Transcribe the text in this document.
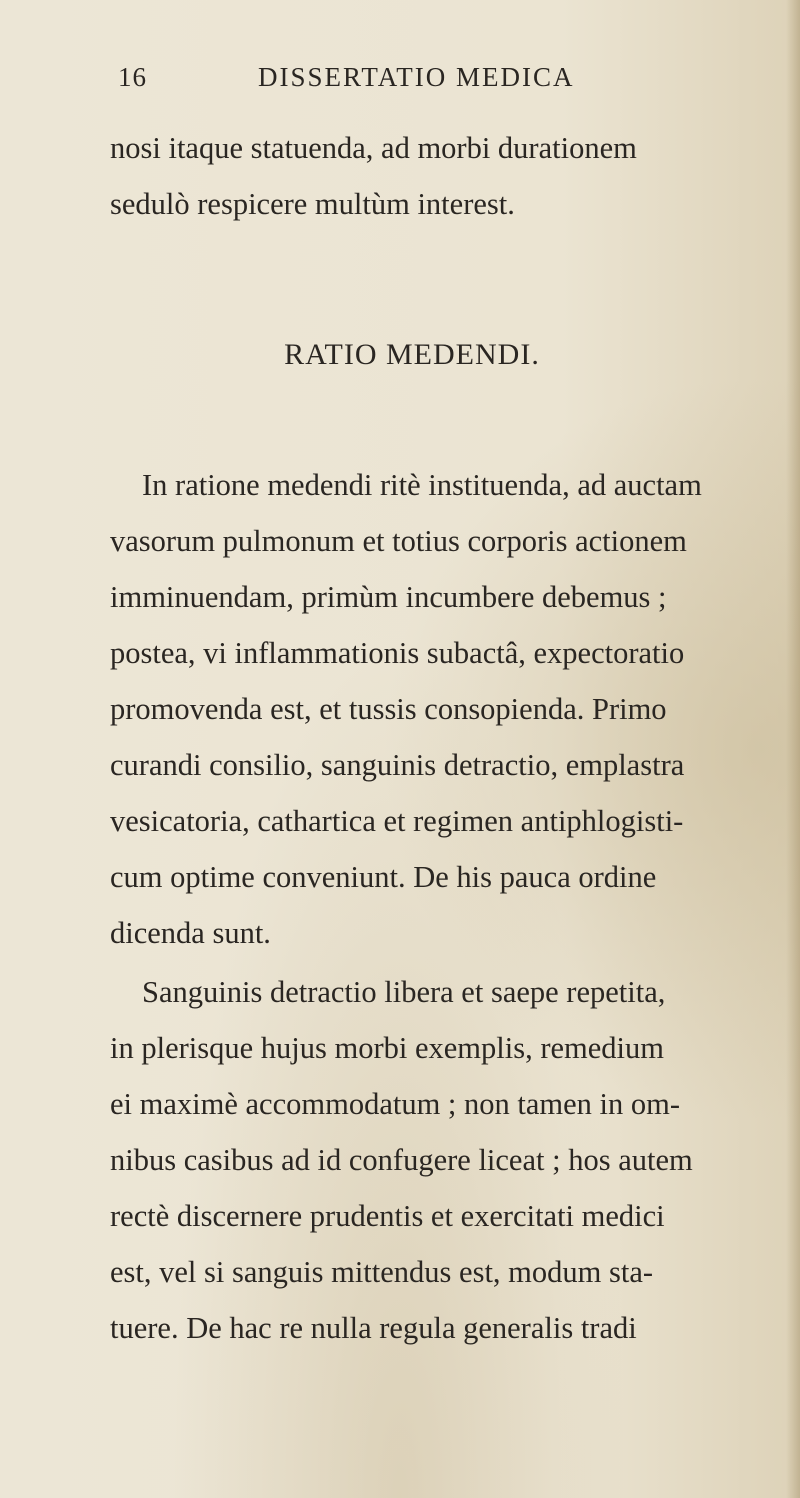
16	DISSERTATIO MEDICA
nosi itaque statuenda, ad morbi durationem
sedulò respicere multùm interest.
RATIO MEDENDI.
In ratione medendi ritè instituenda, ad auctam
vasorum pulmonum et totius corporis actionem
imminuendam, primùm incumbere debemus ;
postea, vi inflammationis subactâ, expectoratio
promovenda est, et tussis consopienda. Primo
curandi consilio, sanguinis detractio, emplastra
vesicatoria, cathartica et regimen antiphlogisti-
cum optime conveniunt. De his pauca ordine
dicenda sunt.
Sanguinis detractio libera et saepe repetita,
in plerisque hujus morbi exemplis, remedium
ei maximè accommodatum ; non tamen in om-
nibus casibus ad id confugere liceat ; hos autem
rectè discernere prudentis et exercitati medici
est, vel si sanguis mittendus est, modum sta-
tuere. De hac re nulla regula generalis tradi
